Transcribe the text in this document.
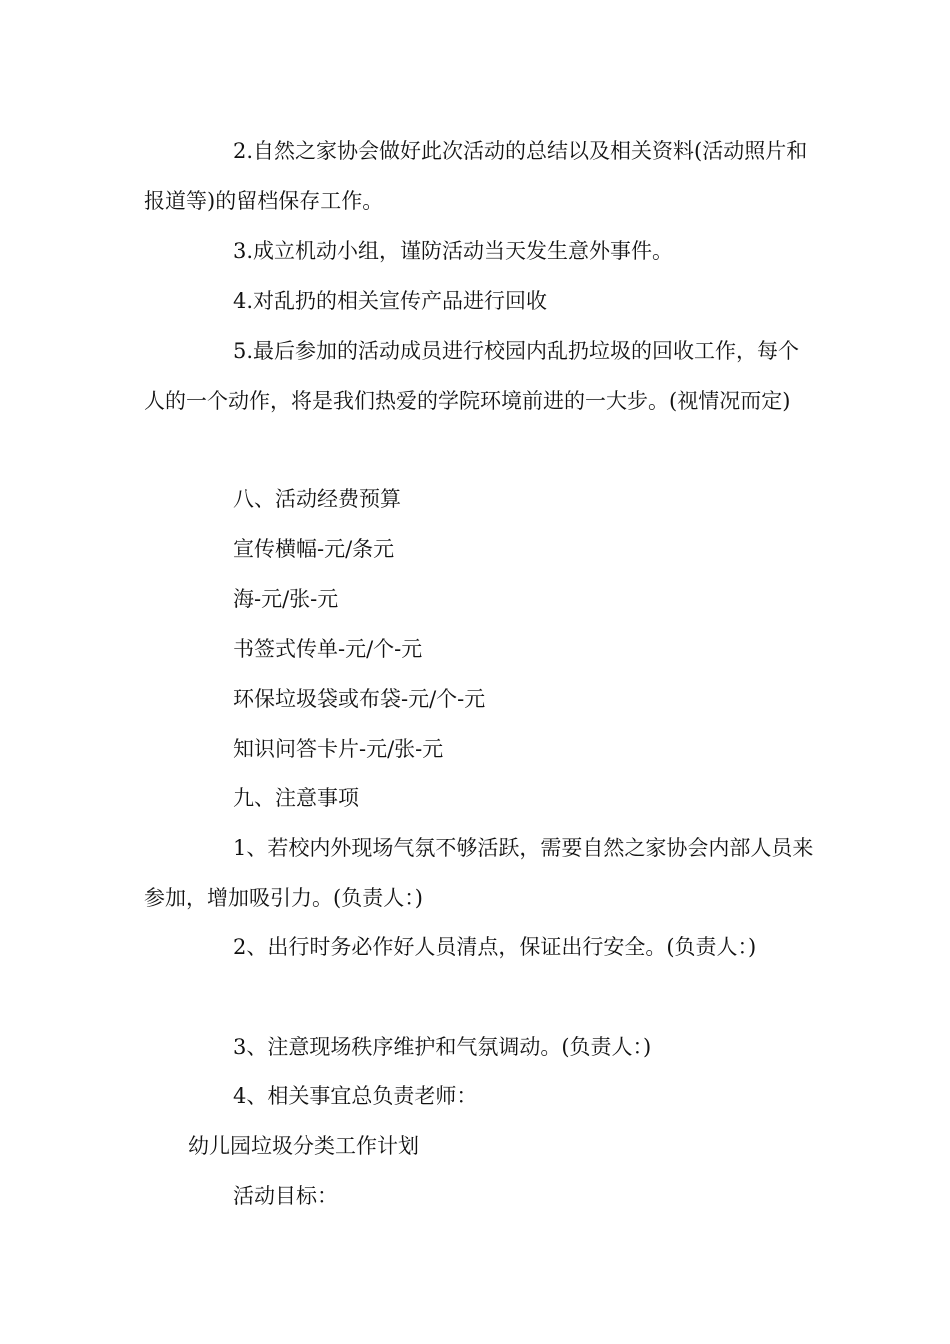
2.自然之家协会做好此次活动的总结以及相关资料(活动照片和报道等)的留档保存工作。

3.成立机动小组，谨防活动当天发生意外事件。

4.对乱扔的相关宣传产品进行回收

5.最后参加的活动成员进行校园内乱扔垃圾的回收工作，每个人的一个动作，将是我们热爱的学院环境前进的一大步。(视情况而定)

八、活动经费预算

宣传横幅-元/条元

海-元/张-元

书签式传单-元/个-元

环保垃圾袋或布袋-元/个-元

知识问答卡片-元/张-元

九、注意事项

1、若校内外现场气氛不够活跃，需要自然之家协会内部人员来参加，增加吸引力。(负责人：)

2、出行时务必作好人员清点，保证出行安全。(负责人：)

3、注意现场秩序维护和气氛调动。(负责人：)

4、相关事宜总负责老师：

幼儿园垃圾分类工作计划

活动目标：
